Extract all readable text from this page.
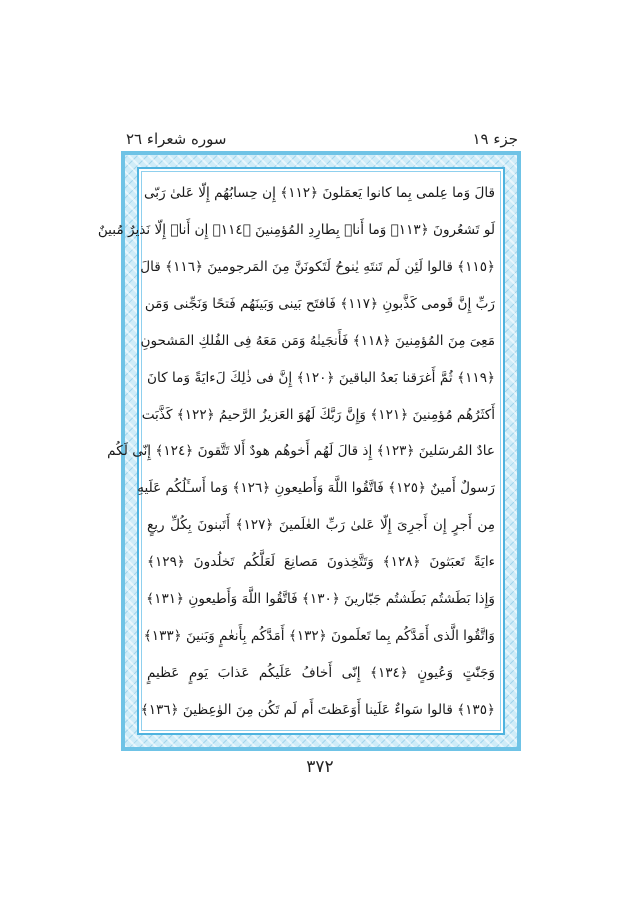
سوره شعراء ٢٦	جزء ١٩
قالَ وَما عِلمى بِما كانوا يَعمَلونَ ﴿١١٢﴾ إِن حِسابُهُم إِلّا عَلىٰ رَبّى
لَو تَشعُرونَ ﴿١١٣﴾ وَما أَنا۠ بِطارِدِ المُؤمِنينَ ﴿١١٤﴾ إِن أَنا۠ إِلّا نَذيرٌ مُبينٌ
﴿١١٥﴾ قالوا لَئِن لَم تَنتَهِ يٰنوحُ لَتَكونَنَّ مِنَ المَرجومينَ ﴿١١٦﴾ قالَ
رَبِّ إِنَّ قَومى كَذَّبونِ ﴿١١٧﴾ فَافتَح بَينى وَبَينَهُم فَتحًا وَنَجِّنى وَمَن
مَعِىَ مِنَ المُؤمِنينَ ﴿١١٨﴾ فَأَنجَينٰهُ وَمَن مَعَهُ فِى الفُلكِ المَشحونِ
﴿١١٩﴾ ثُمَّ أَغرَقنا بَعدُ الباقينَ ﴿١٢٠﴾ إِنَّ فى ذٰلِكَ لَءايَةً وَما كانَ
أَكثَرُهُم مُؤمِنينَ ﴿١٢١﴾ وَإِنَّ رَبَّكَ لَهُوَ العَزيزُ الرَّحيمُ ﴿١٢٢﴾ كَذَّبَت
عادٌ المُرسَلينَ ﴿١٢٣﴾ إِذ قالَ لَهُم أَخوهُم هودٌ أَلا تَتَّقونَ ﴿١٢٤﴾ إِنّى لَكُم
رَسولٌ أَمينٌ ﴿١٢٥﴾ فَاتَّقُوا اللَّهَ وَأَطيعونِ ﴿١٢٦﴾ وَما أَسـَٔلُكُم عَلَيهِ
مِن أَجرٍ إِن أَجرِىَ إِلّا عَلىٰ رَبِّ العٰلَمينَ ﴿١٢٧﴾ أَتَبنونَ بِكُلِّ ريعٍ
ءايَةً تَعبَثونَ ﴿١٢٨﴾ وَتَتَّخِذونَ مَصانِعَ لَعَلَّكُم تَخلُدونَ ﴿١٢٩﴾
وَإِذا بَطَشتُم بَطَشتُم جَبّارينَ ﴿١٣٠﴾ فَاتَّقُوا اللَّهَ وَأَطيعونِ ﴿١٣١﴾
وَاتَّقُوا الَّذى أَمَدَّكُم بِما تَعلَمونَ ﴿١٣٢﴾ أَمَدَّكُم بِأَنعٰمٍ وَبَنينَ ﴿١٣٣﴾
وَجَنّٰتٍ وَعُيونٍ ﴿١٣٤﴾ إِنّى أَخافُ عَلَيكُم عَذابَ يَومٍ عَظيمٍ
﴿١٣٥﴾ قالوا سَواءٌ عَلَينا أَوَعَظتَ أَم لَم تَكُن مِنَ الوٰعِظينَ ﴿١٣٦﴾
٣٧٢
